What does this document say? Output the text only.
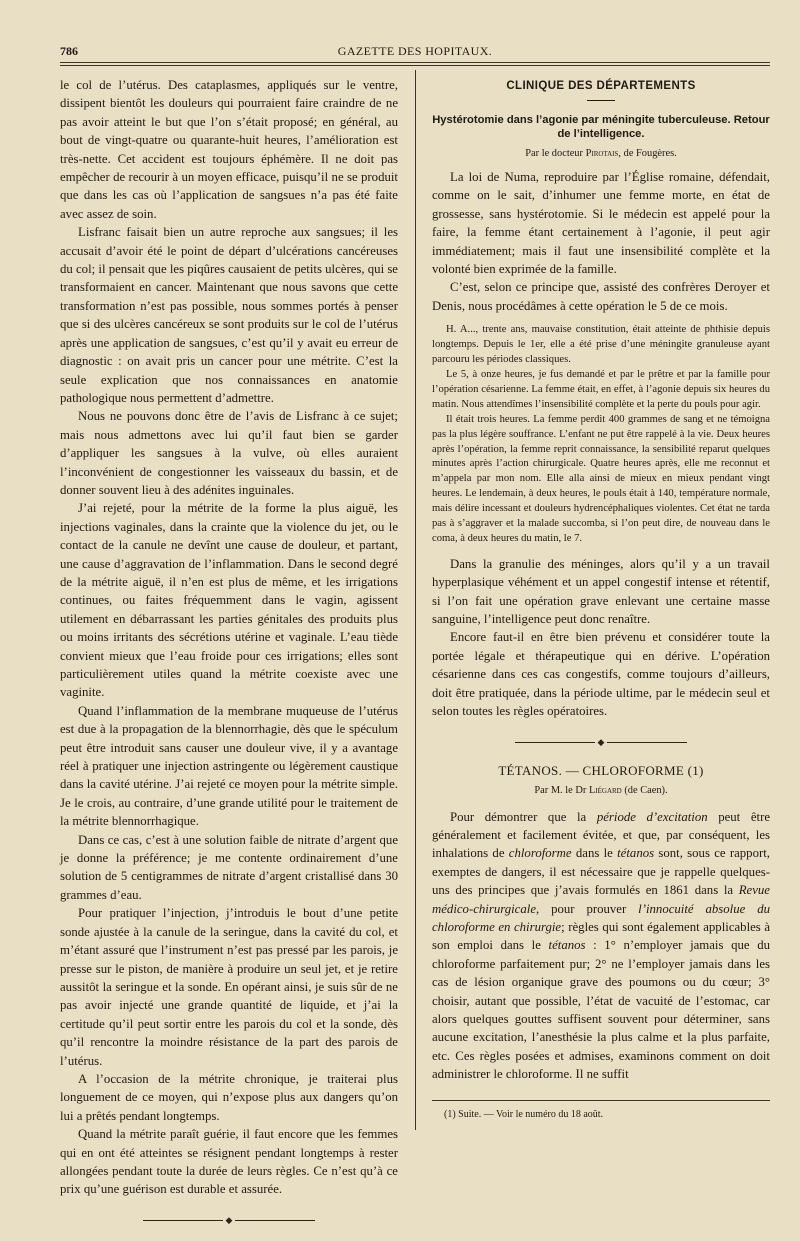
786	GAZETTE DES HOPITAUX.

le col de l’utérus. Des cataplasmes, appliqués sur le ventre, dissipent bientôt les douleurs qui pourraient faire craindre de ne pas avoir atteint le but que l’on s’était proposé; en général, au bout de vingt-quatre ou quarante-huit heures, l’amélioration est très-nette. Cet accident est toujours éphémère. Il ne doit pas empêcher de recourir à un moyen efficace, puisqu’il ne se produit que dans les cas où l’application de sangsues n’a pas été faite avec assez de soin.

Lisfranc faisait bien un autre reproche aux sangsues; il les accusait d’avoir été le point de départ d’ulcérations cancéreuses du col; il pensait que les piqûres causaient de petits ulcères, qui se transformaient en cancer. Maintenant que nous savons que cette transformation n’est pas possible, nous sommes portés à penser que si des ulcères cancéreux se sont produits sur le col de l’utérus après une application de sangsues, c’est qu’il y avait eu erreur de diagnostic : on avait pris un cancer pour une métrite. C’est la seule explication que nos connaissances en anatomie pathologique nous permettent d’admettre.

Nous ne pouvons donc être de l’avis de Lisfranc à ce sujet; mais nous admettons avec lui qu’il faut bien se garder d’appliquer les sangsues à la vulve, où elles auraient l’inconvénient de congestionner les vaisseaux du bassin, et de donner souvent lieu à des adénites inguinales.

J’ai rejeté, pour la métrite de la forme la plus aiguë, les injections vaginales, dans la crainte que la violence du jet, ou le contact de la canule ne devînt une cause de douleur, et partant, une cause d’aggravation de l’inflammation. Dans le second degré de la métrite aiguë, il n’en est plus de même, et les irrigations continues, ou faites fréquemment dans le vagin, agissent utilement en débarrassant les parties génitales des produits plus ou moins irritants des sécrétions utérine et vaginale. L’eau tiède convient mieux que l’eau froide pour ces irrigations; elles sont particulièrement utiles quand la métrite coexiste avec une vaginite.

Quand l’inflammation de la membrane muqueuse de l’utérus est due à la propagation de la blennorrhagie, dès que le spéculum peut être introduit sans causer une douleur vive, il y a avantage réel à pratiquer une injection astringente ou légèrement caustique dans la cavité utérine. J’ai rejeté ce moyen pour la métrite simple. Je le crois, au contraire, d’une grande utilité pour le traitement de la métrite blennorrhagique.

Dans ce cas, c’est à une solution faible de nitrate d’argent que je donne la préférence; je me contente ordinairement d’une solution de 5 centigrammes de nitrate d’argent cristallisé dans 30 grammes d’eau.

Pour pratiquer l’injection, j’introduis le bout d’une petite sonde ajustée à la canule de la seringue, dans la cavité du col, et m’étant assuré que l’instrument n’est pas pressé par les parois, je presse sur le piston, de manière à produire un seul jet, et je retire aussitôt la seringue et la sonde. En opérant ainsi, je suis sûr de ne pas avoir injecté une grande quantité de liquide, et j’ai la certitude qu’il peut sortir entre les parois du col et la sonde, dès qu’il rencontre la moindre résistance de la part des parois de l’utérus.

A l’occasion de la métrite chronique, je traiterai plus longuement de ce moyen, qui n’expose plus aux dangers qu’on lui a prêtés pendant longtemps.

Quand la métrite paraît guérie, il faut encore que les femmes qui en ont été atteintes se résignent pendant longtemps à rester allongées pendant toute la durée de leurs règles. Ce n’est qu’à ce prix qu’une guérison est durable et assurée.

◆
CLINIQUE DES DÉPARTEMENTS
Hystérotomie dans l’agonie par méningite tuberculeuse. Retour de l’intelligence.
Par le docteur Pirotais, de Fougères.

La loi de Numa, reproduire par l’Église romaine, défendait, comme on le sait, d’inhumer une femme morte, en état de grossesse, sans hystérotomie. Si le médecin est appelé pour la faire, la femme étant certainement à l’agonie, il peut agir immédiatement; mais il faut une insensibilité complète et la volonté bien exprimée de la famille.

C’est, selon ce principe que, assisté des confrères Deroyer et Denis, nous procédâmes à cette opération le 5 de ce mois.

H. A..., trente ans, mauvaise constitution, était atteinte de phthisie depuis longtemps. Depuis le 1er, elle a été prise d’une méningite granuleuse ayant parcouru les périodes classiques.

Le 5, à onze heures, je fus demandé et par le prêtre et par la famille pour l’opération césarienne. La femme était, en effet, à l’agonie depuis six heures du matin. Nous attendîmes l’insensibilité complète et la perte du pouls pour agir.

Il était trois heures. La femme perdit 400 grammes de sang et ne témoigna pas la plus légère souffrance. L’enfant ne put être rappelé à la vie. Deux heures après l’opération, la femme reprit connaissance, la sensibilité reparut quelques minutes après l’action chirurgicale. Quatre heures après, elle me reconnut et m’appela par mon nom. Elle alla ainsi de mieux en mieux pendant vingt heures. Le lendemain, à deux heures, le pouls était à 140, température normale, mais délire incessant et douleurs hydrencéphaliques violentes. Cet état ne tarda pas à s’aggraver et la malade succomba, si l’on peut dire, de nouveau dans le coma, à deux heures du matin, le 7.

Dans la granulie des méninges, alors qu’il y a un travail hyperplasique véhément et un appel congestif intense et rétentif, si l’on fait une opération grave enlevant une certaine masse sanguine, l’intelligence peut donc renaître.

Encore faut-il en être bien prévenu et considérer toute la portée légale et thérapeutique qui en dérive. L’opération césarienne dans ces cas congestifs, comme toujours d’ailleurs, doit être pratiquée, dans la période ultime, par le médecin seul et selon toutes les règles opératoires.

◆
TÉTANOS. — CHLOROFORME (1)
Par M. le Dr Liégard (de Caen).

Pour démontrer que la période d’excitation peut être généralement et facilement évitée, et que, par conséquent, les inhalations de chloroforme dans le tétanos sont, sous ce rapport, exemptes de dangers, il est nécessaire que je rappelle quelques-uns des principes que j’avais formulés en 1861 dans la Revue médico-chirurgicale, pour prouver l’innocuité absolue du chloroforme en chirurgie; règles qui sont également applicables à son emploi dans le tétanos : 1° n’employer jamais que du chloroforme parfaitement pur; 2° ne l’employer jamais dans les cas de lésion organique grave des poumons ou du cœur; 3° choisir, autant que possible, l’état de vacuité de l’estomac, car alors quelques gouttes suffisent souvent pour déterminer, sans aucune excitation, l’anesthésie la plus calme et la plus parfaite, etc. Ces règles posées et admises, examinons comment on doit administrer le chloroforme. Il ne suffit

(1) Suite. — Voir le numéro du 18 août.
